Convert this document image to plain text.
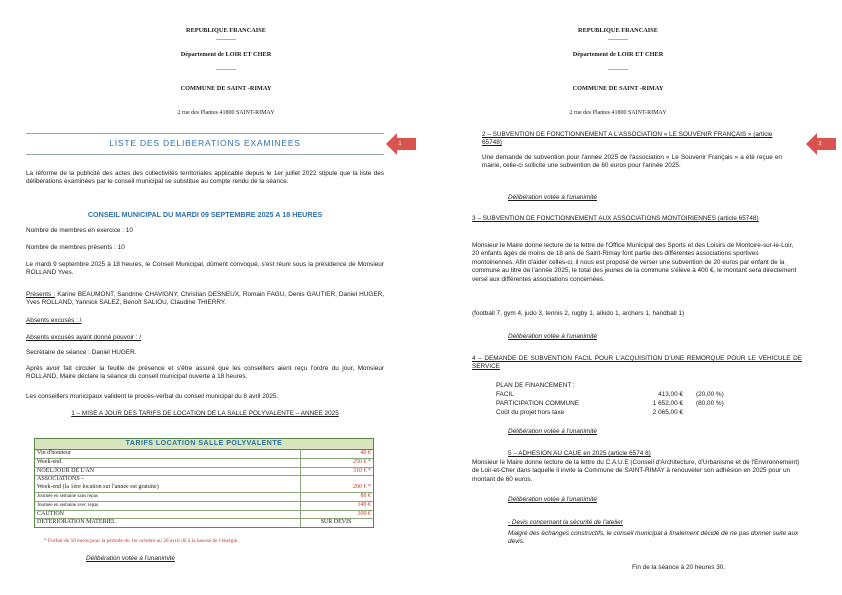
REPUBLIQUE FRANCAISE
----------
Département de LOIR ET CHER
----------
COMMUNE DE SAINT -RIMAY
2 rue des Plantes 41800 SAINT-RIMAY
REPUBLIQUE FRANCAISE
----------
Département de LOIR ET CHER
----------
COMMUNE DE SAINT -RIMAY
2 rue des Plantes 41800 SAINT-RIMAY
1	2
LISTE DES DELIBERATIONS EXAMINEES
La réforme de la publicité des actes des collectivités territoriales applicable depuis le 1er juillet 2022 stipule que la liste des délibérations examinées par le conseil municipal se substitue au compte rendu de la séance.
CONSEIL MUNICIPAL DU MARDI 09 SEPTEMBRE 2025 A 18 HEURES
Nombre de membres en exercice : 10
Nombre de membres présents : 10
Le mardi 9 septembre 2025 à 18 heures, le Conseil Municipal, dûment convoqué, s'est réuni sous la présidence de Monsieur ROLLAND Yves.
Présents : Karine BEAUMONT, Sandrine CHAVIGNY, Christian DESNEUX, Romain FAGU, Denis GAUTIER, Daniel HUGER, Yves ROLLAND, Yannick SALEZ, Benoît SALIOU, Claudine THIERRY.
Absents excusés : /
Absents excusés ayant donné pouvoir : /
Secrétaire de séance : Daniel HUGER.
Après avoir fait circuler la feuille de présence et s'être assuré que les conseillers aient reçu l'ordre du jour, Monsieur ROLLAND, Maire déclare la séance du conseil municipal ouverte à 18 heures.
Les conseillers municipaux valident le procès-verbal du conseil municipal du 8 avril 2025.
1 – MISE A JOUR DES TARIFS DE LOCATION DE LA SALLE POLYVALENTE – ANNEE 2025
TARIFS LOCATION SALLE POLYVALENTE
Vin d'honneur	40 €
Week-end	250 € *
NOEL/JOUR DE L'AN	310 € *
ASSOCIATIONS –
Week-end (la 1ère location sur l'année est gratuite)	200 € *
Journée en semaine sans repas	80 €
Journée en semaine avec repas	140 €
CAUTION	300 €
DETERIORATION MATERIEL	SUR DEVIS
* Forfait de 50 euros pour la période du 1er octobre au 30 avril dû à la hausse de l'énergie.
Délibération votée à l'unanimité
2 – SUBVENTION DE FONCTIONNEMENT A L'ASSOCIATION « LE SOUVENIR FRANÇAIS » (article 65748)
Une demande de subvention pour l'année 2025 de l'association « Le Souvenir Français » a été reçue en mairie, celle-ci sollicite une subvention de 60 euros pour l'année 2025.
Délibération votée à l'unanimité
3 – SUBVENTION DE FONCTIONNEMENT AUX ASSOCIATIONS MONTOIRIENNES (article 65748)
Monsieur le Maire donne lecture de la lettre de l'Office Municipal des Sports et des Loisirs de Montoire-sur-le-Loir, 20 enfants âgés de moins de 18 ans de Saint-Rimay font partie des différentes associations sportives montoiriennes. Afin d'aider celles-ci, il nous est proposé de verser une subvention de 20 euros par enfant de la commune au titre de l'année 2025, le total des jeunes de la commune s'élève à 400 €, le montant sera directement versé aux différentes associations concernées.
(football 7, gym 4, judo 3, tennis 2, rugby 1, aïkido 1, archers 1, handball 1)
Délibération votée à l'unanimité
4 – DEMANDE DE SUBVENTION FACIL POUR L'ACQUISITION D'UNE REMORQUE POUR LE VEHICULE DE SERVICE
PLAN DE FINANCEMENT :
FACIL	413,00 € (20,00 %)
PARTICIPATION COMMUNE	1 652,00 € (80,00 %)
Coût du projet hors taxe	2 065,00 €
Délibération votée à l'unanimité
5 – ADHESION AU CAUE en 2025 (article 6574 8)
Monsieur le Maire donne lecture de la lettre du C.A.U.E (Conseil d'Architecture, d'Urbanisme et de l'Environnement) de Loir-et-Cher dans laquelle il invite la Commune de SAINT-RIMAY à renouveler son adhésion en 2025 pour un montant de 60 euros.
Délibération votée à l'unanimité
- Devis concernant la sécurité de l'atelier
Malgré des échanges constructifs, le conseil municipal a finalement décidé de ne pas donner suite aux devis.
Fin de la séance à 20 heures 30.
